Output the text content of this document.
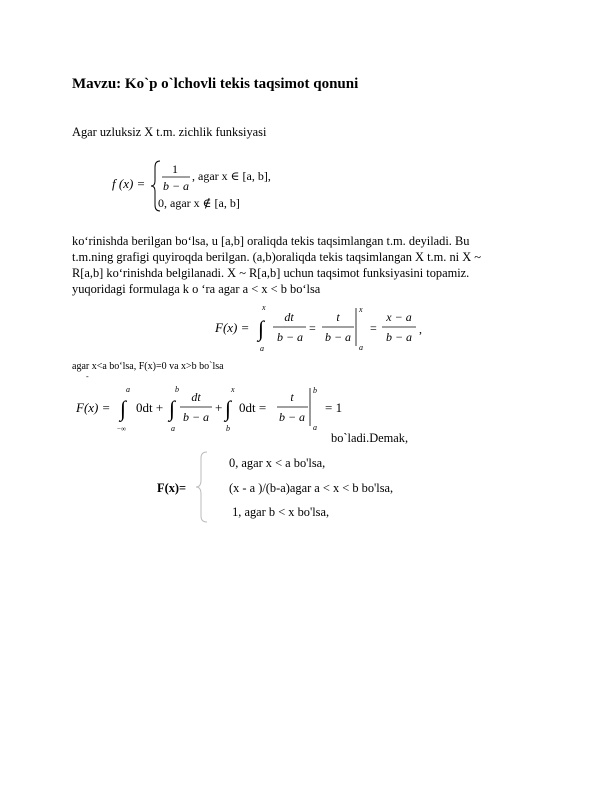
Mavzu: Ko`p o`lchovli tekis taqsimot qonuni
Agar uzluksiz X t.m. zichlik funksiyasi
f (x) =
1
b − a
, agar x ∈ [a, b],
0, agar x ∉ [a, b]
ko‘rinishda berilgan bo‘lsa, u [a,b] oraliqda tekis taqsimlangan t.m. deyiladi. Bu
t.m.ning grafigi quyiroqda berilgan. (a,b)oraliqda tekis taqsimlangan X t.m. ni X ~
R[a,b] ko‘rinishda belgilanadi. X ~ R[a,b] uchun taqsimot funksiyasini topamiz.
yuqoridagi formulaga k o ‘ra agar a < x < b bo‘lsa
F(x) =
x
∫
a
dt
b − a
=
t
b − a
x
a
=
x − a
b − a
,
agar x<a bo‘lsa, F(x)=0 va x>b bo`lsa
-
F(x) =
a
∫
−∞
0dt +
b
∫
a
dt
b − a
+
x
∫
b
0dt =
t
b − a
b
a
= 1
bo`ladi.Demak,
F(x)=
0, agar x < a bo'lsa,
(x - a )/(b-a)agar a < x < b bo'lsa,
1, agar b < x bo'lsa,
